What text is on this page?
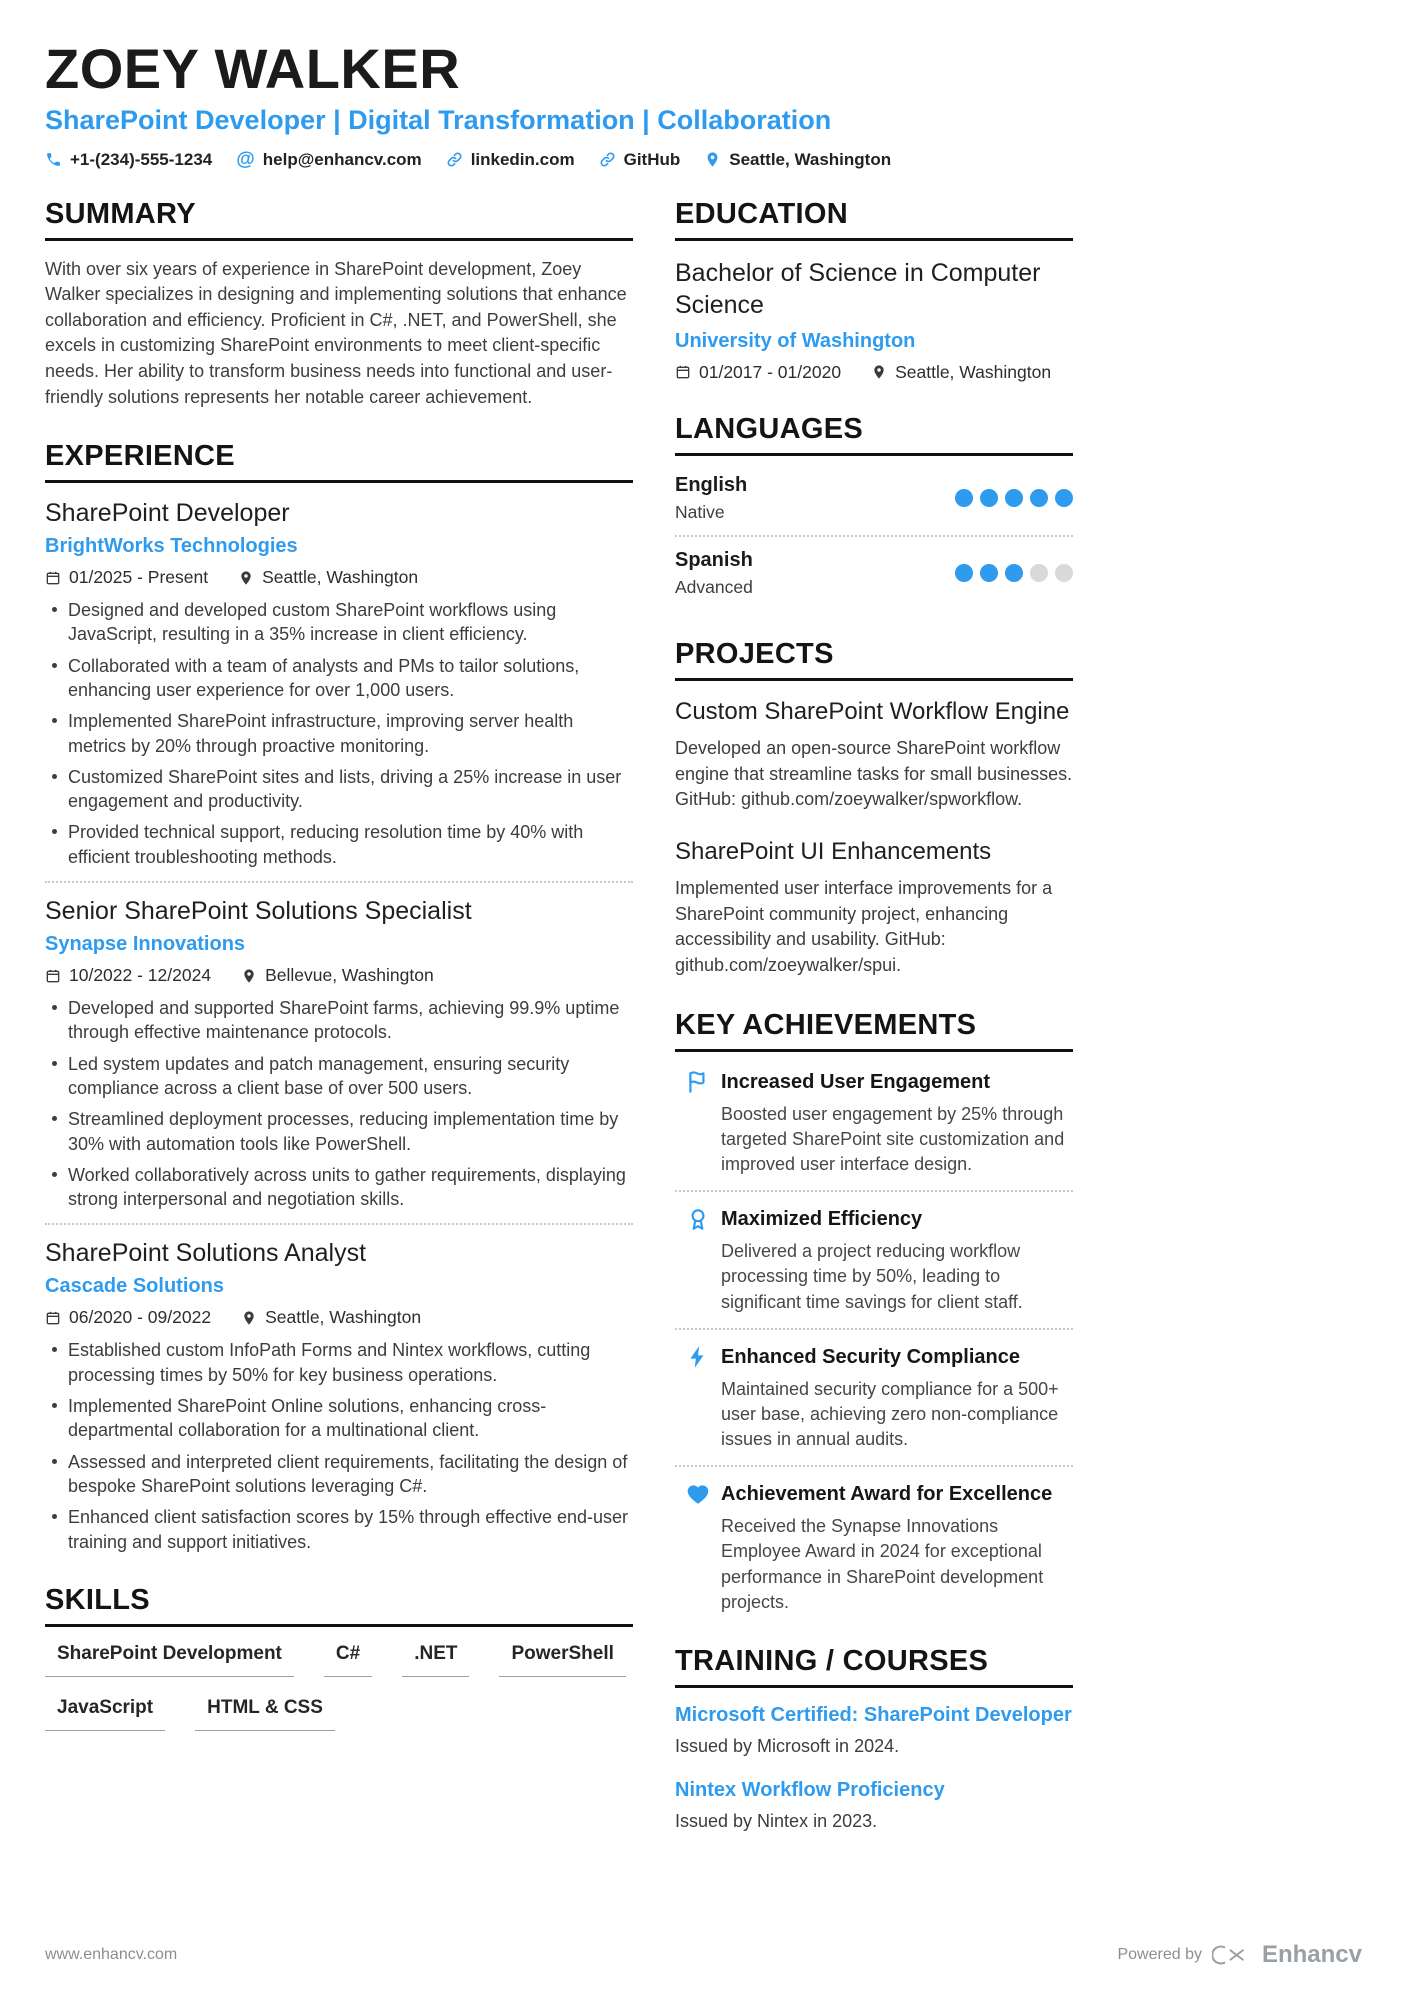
ZOEY WALKER
SharePoint Developer | Digital Transformation | Collaboration
+1-(234)-555-1234 @ help@enhancv.com	linkedin.com	GitHub	Seattle, Washington
SUMMARY

With over six years of experience in SharePoint development, Zoey Walker specializes in designing and implementing solutions that enhance collaboration and efficiency. Proficient in C#, .NET, and PowerShell, she excels in customizing SharePoint environments to meet client-specific needs. Her ability to transform business needs into functional and user-friendly solutions represents her notable career achievement.

EXPERIENCE
SharePoint Developer
BrightWorks Technologies
01/2025 - Present	Seattle, Washington
Designed and developed custom SharePoint workflows using JavaScript, resulting in a 35% increase in client efficiency.
Collaborated with a team of analysts and PMs to tailor solutions, enhancing user experience for over 1,000 users.
Implemented SharePoint infrastructure, improving server health metrics by 20% through proactive monitoring.
Customized SharePoint sites and lists, driving a 25% increase in user engagement and productivity.
Provided technical support, reducing resolution time by 40% with efficient troubleshooting methods.
Senior SharePoint Solutions Specialist
Synapse Innovations
10/2022 - 12/2024	Bellevue, Washington
Developed and supported SharePoint farms, achieving 99.9% uptime through effective maintenance protocols.
Led system updates and patch management, ensuring security compliance across a client base of over 500 users.
Streamlined deployment processes, reducing implementation time by 30% with automation tools like PowerShell.
Worked collaboratively across units to gather requirements, displaying strong interpersonal and negotiation skills.
SharePoint Solutions Analyst
Cascade Solutions
06/2020 - 09/2022	Seattle, Washington
Established custom InfoPath Forms and Nintex workflows, cutting processing times by 50% for key business operations.
Implemented SharePoint Online solutions, enhancing cross-departmental collaboration for a multinational client.
Assessed and interpreted client requirements, facilitating the design of bespoke SharePoint solutions leveraging C#.
Enhanced client satisfaction scores by 15% through effective end-user training and support initiatives.
SKILLS
SharePoint Development	C#	.NET	PowerShell
JavaScript	HTML & CSS
EDUCATION
Bachelor of Science in Computer Science
University of Washington
01/2017 - 01/2020	Seattle, Washington
LANGUAGES
English
Native
Spanish
Advanced
PROJECTS
Custom SharePoint Workflow Engine

Developed an open-source SharePoint workflow engine that streamline tasks for small businesses. GitHub: github.com/zoeywalker/spworkflow.

SharePoint UI Enhancements

Implemented user interface improvements for a SharePoint community project, enhancing accessibility and usability. GitHub: github.com/zoeywalker/spui.

KEY ACHIEVEMENTS
Increased User Engagement

Boosted user engagement by 25% through targeted SharePoint site customization and improved user interface design.

Maximized Efficiency

Delivered a project reducing workflow processing time by 50%, leading to significant time savings for client staff.

Enhanced Security Compliance

Maintained security compliance for a 500+ user base, achieving zero non-compliance issues in annual audits.

Achievement Award for Excellence

Received the Synapse Innovations Employee Award in 2024 for exceptional performance in SharePoint development projects.

TRAINING / COURSES
Microsoft Certified: SharePoint Developer
Issued by Microsoft in 2024.
Nintex Workflow Proficiency
Issued by Nintex in 2023.
www.enhancv.com	Powered by	Enhancv
